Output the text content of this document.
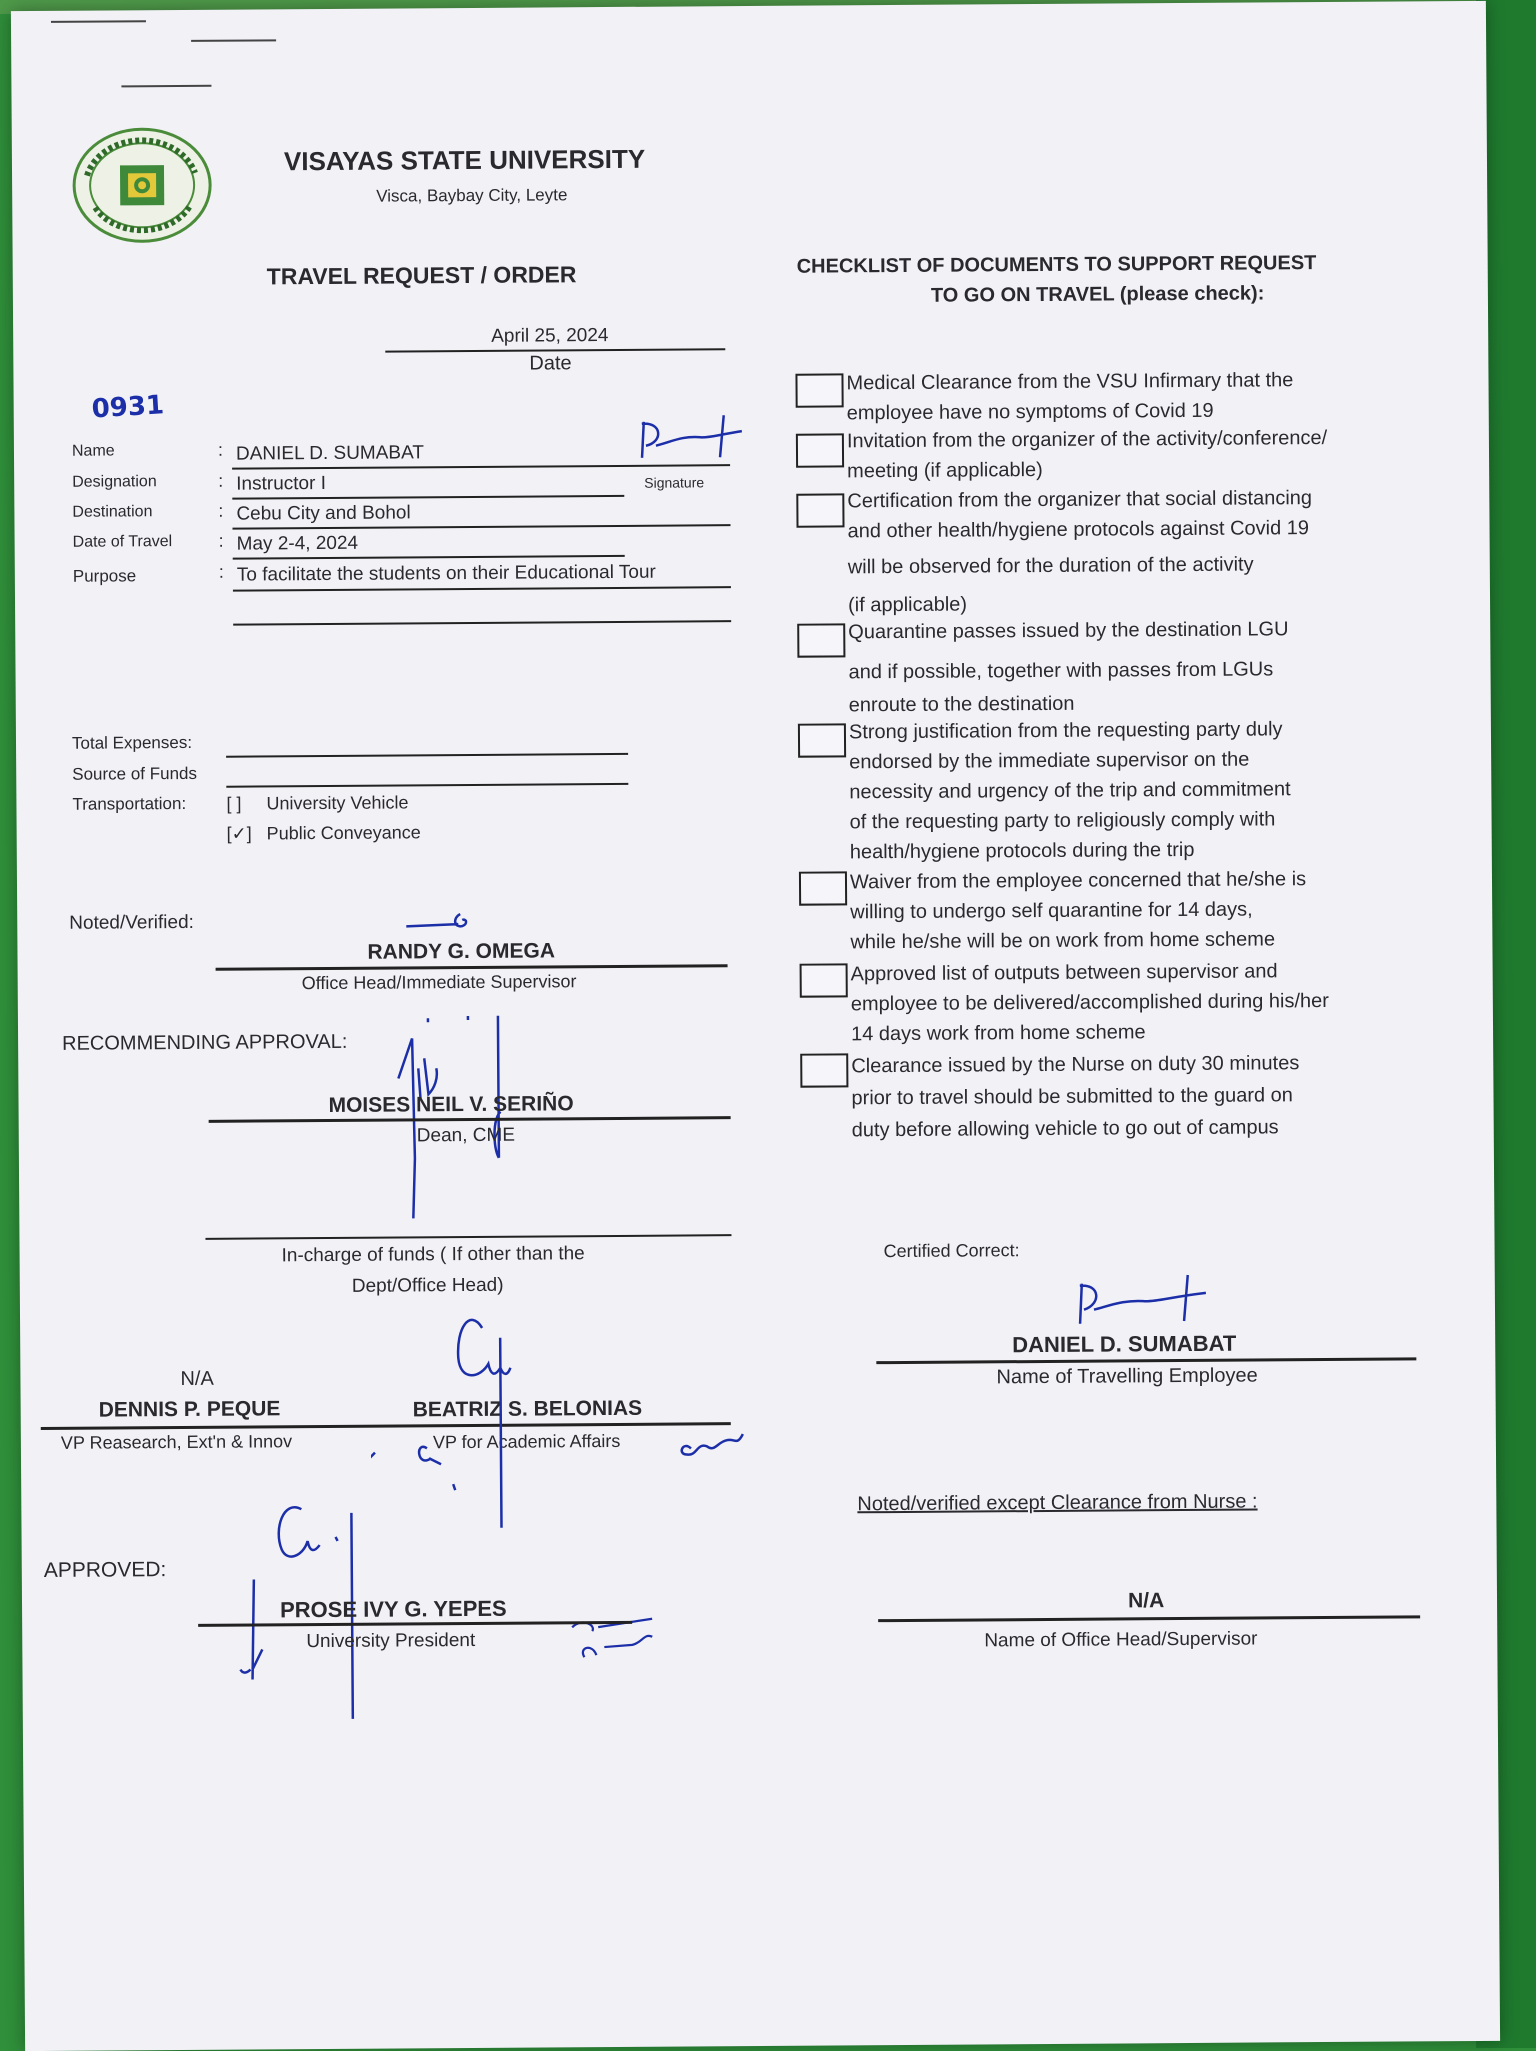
VISAYAS STATE UNIVERSITY
Visca, Baybay City, Leyte
TRAVEL REQUEST / ORDER
April 25, 2024
Date
0931
Name	: DANIEL D. SUMABAT
Designation	: Instructor I	Signature
Destination	: Cebu City and Bohol
Date of Travel	: May 2-4, 2024
Purpose	: To facilitate the students on their Educational Tour
Total Expenses:
Source of Funds
Transportation: [ ] University Vehicle
[✓] Public Conveyance
Noted/Verified:
RANDY G. OMEGA
Office Head/Immediate Supervisor
RECOMMENDING APPROVAL:
MOISES NEIL V. SERIÑO
Dean, CME
In-charge of funds ( If other than the
Dept/Office Head)
N/A
DENNIS P. PEQUE	BEATRIZ S. BELONIAS
VP Reasearch, Ext'n & Innov	VP for Academic Affairs
APPROVED:
PROSE IVY G. YEPES
University President
CHECKLIST OF DOCUMENTS TO SUPPORT REQUEST
TO GO ON TRAVEL (please check):
Medical Clearance from the VSU Infirmary that the
employee have no symptoms of Covid 19
Invitation from the organizer of the activity/conference/
meeting (if applicable)
Certification from the organizer that social distancing
and other health/hygiene protocols against Covid 19
will be observed for the duration of the activity
(if applicable)
Quarantine passes issued by the destination LGU
and if possible, together with passes from LGUs
enroute to the destination
Strong justification from the requesting party duly
endorsed by the immediate supervisor on the
necessity and urgency of the trip and commitment
of the requesting party to religiously comply with
health/hygiene protocols during the trip
Waiver from the employee concerned that he/she is
willing to undergo self quarantine for 14 days,
while he/she will be on work from home scheme
Approved list of outputs between supervisor and
employee to be delivered/accomplished during his/her
14 days work from home scheme
Clearance issued by the Nurse on duty 30 minutes
prior to travel should be submitted to the guard on
duty before allowing vehicle to go out of campus
Certified Correct:
DANIEL D. SUMABAT
Name of Travelling Employee
Noted/verified except Clearance from Nurse :
N/A
Name of Office Head/Supervisor
